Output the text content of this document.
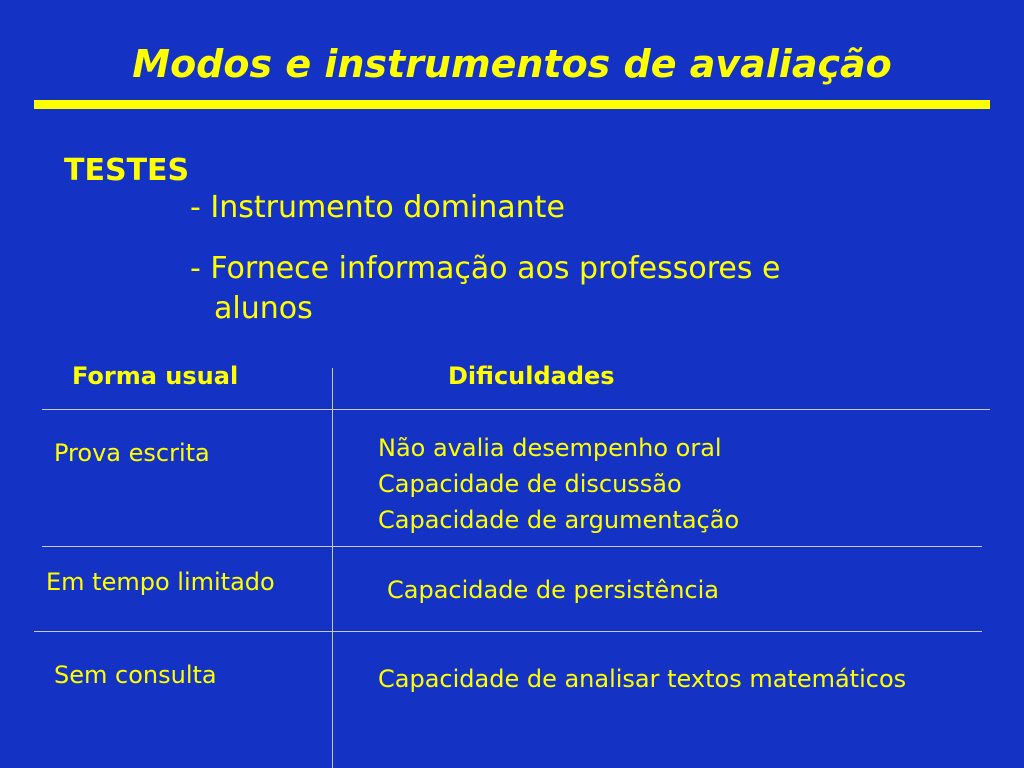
Modos e instrumentos de avaliação
TESTES
- Instrumento dominante
- Fornece informação aos professores e
alunos
Forma usual	Dificuldades
Prova escrita	Não avalia desempenho oral
Capacidade de discussão
Capacidade de argumentação
Em tempo limitado	Capacidade de persistência
Sem consulta	Capacidade de analisar textos matemáticos
